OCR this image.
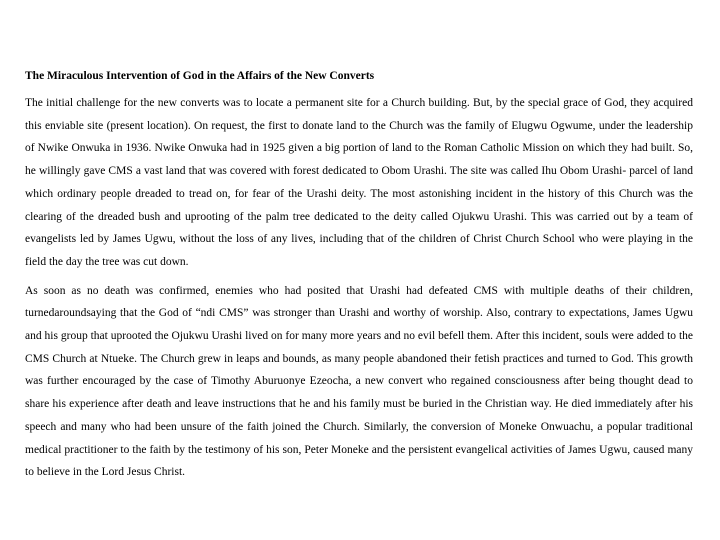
The Miraculous Intervention of God in the Affairs of the New Converts

The initial challenge for the new converts was to locate a permanent site for a Church building. But, by the special grace of God, they acquired this enviable site (present location). On request, the first to donate land to the Church was the family of Elugwu Ogwume, under the leadership of Nwike Onwuka in 1936. Nwike Onwuka had in 1925 given a big portion of land to the Roman Catholic Mission on which they had built. So, he willingly gave CMS a vast land that was covered with forest dedicated to Obom Urashi. The site was called Ihu Obom Urashi- parcel of land which ordinary people dreaded to tread on, for fear of the Urashi deity. The most astonishing incident in the history of this Church was the clearing of the dreaded bush and uprooting of the palm tree dedicated to the deity called Ojukwu Urashi. This was carried out by a team of evangelists led by James Ugwu, without the loss of any lives, including that of the children of Christ Church School who were playing in the field the day the tree was cut down.

As soon as no death was confirmed, enemies who had posited that Urashi had defeated CMS with multiple deaths of their children, turnedaroundsaying that the God of “ndi CMS” was stronger than Urashi and worthy of worship. Also, contrary to expectations, James Ugwu and his group that uprooted the Ojukwu Urashi lived on for many more years and no evil befell them. After this incident, souls were added to the CMS Church at Ntueke. The Church grew in leaps and bounds, as many people abandoned their fetish practices and turned to God. This growth was further encouraged by the case of Timothy Aburuonye Ezeocha, a new convert who regained consciousness after being thought dead to share his experience after death and leave instructions that he and his family must be buried in the Christian way. He died immediately after his speech and many who had been unsure of the faith joined the Church. Similarly, the conversion of Moneke Onwuachu, a popular traditional medical practitioner to the faith by the testimony of his son, Peter Moneke and the persistent evangelical activities of James Ugwu, caused many to believe in the Lord Jesus Christ.
